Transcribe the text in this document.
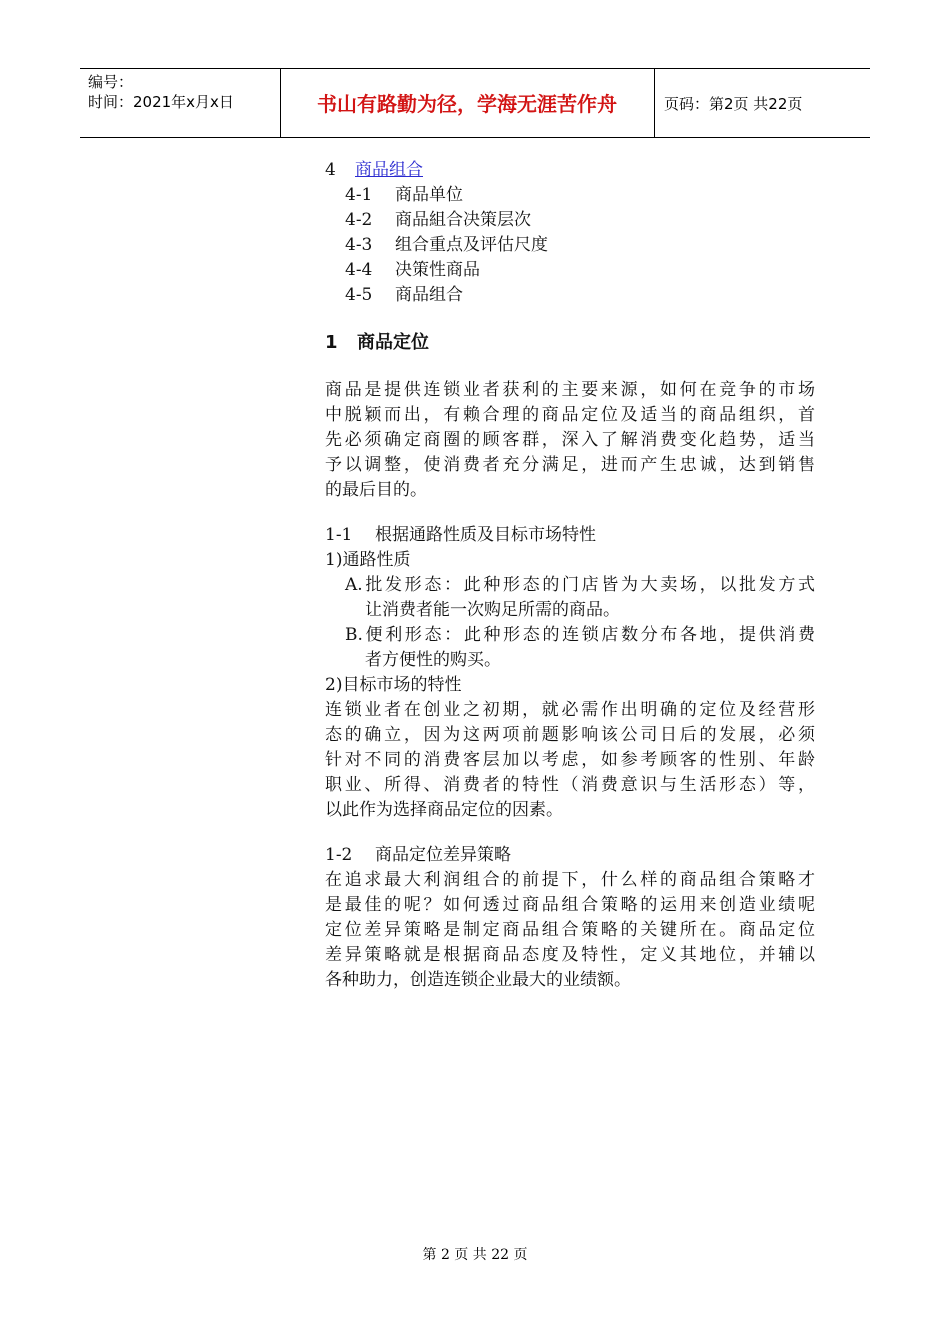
编号：
时间：2021年x月x日	书山有路勤为径，学海无涯苦作舟	页码：第2页 共22页
4 商品组合
4-1 商品单位
4-2 商品組合决策层次
4-3 组合重点及评估尺度
4-4 决策性商品
4-5 商品组合
1 商品定位
商品是提供连锁业者获利的主要来源，如何在竞争的市场
中脱颖而出，有赖合理的商品定位及适当的商品组织，首
先必须确定商圈的顾客群，深入了解消费变化趋势，适当
予以调整，使消费者充分满足，进而产生忠诚，达到销售
的最后目的。
1-1 根据通路性质及目标市场特性
1)通路性质
A.批发形态：此种形态的门店皆为大卖场，以批发方式
让消费者能一次购足所需的商品。
B.便利形态：此种形态的连锁店数分布各地，提供消费
者方便性的购买。
2)目标市场的特性
连锁业者在创业之初期，就必需作出明确的定位及经营形
态的确立，因为这两项前题影响该公司日后的发展，必须
针对不同的消费客层加以考虑，如参考顾客的性别、年龄
职业、所得、消费者的特性（消费意识与生活形态）等，
以此作为选择商品定位的因素。
1-2 商品定位差异策略
在追求最大利润组合的前提下，什么样的商品组合策略才
是最佳的呢？如何透过商品组合策略的运用来创造业绩呢
定位差异策略是制定商品组合策略的关键所在。商品定位
差异策略就是根据商品态度及特性，定义其地位，并辅以
各种助力，创造连锁企业最大的业绩额。
第 2 页 共 22 页
